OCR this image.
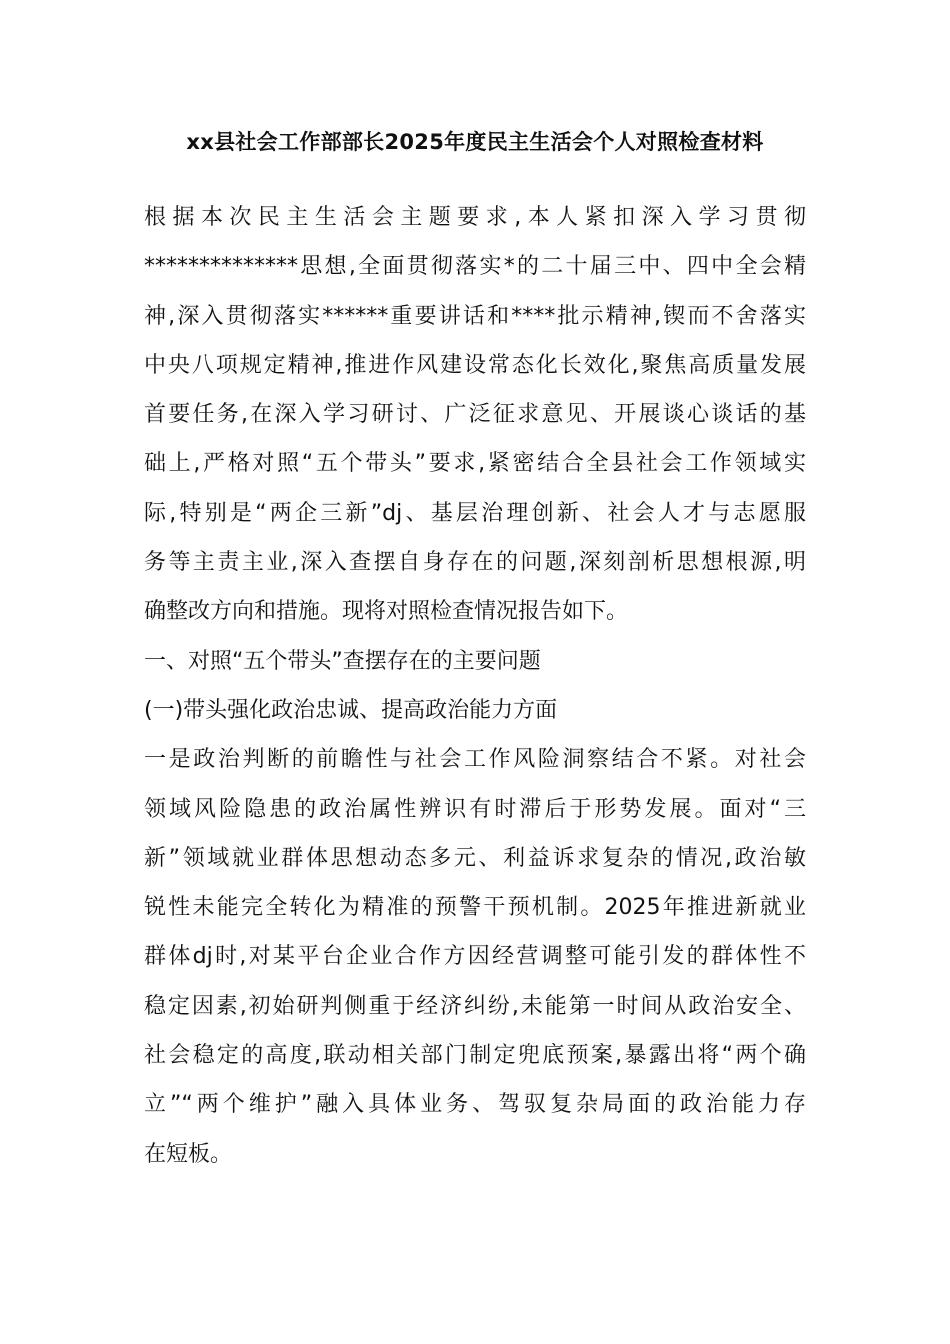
xx县社会工作部部长2025年度民主生活会个人对照检查材料
根据本次民主生活会主题要求,本人紧扣深入学习贯彻
**************思想,全面贯彻落实*的二十届三中、四中全会精
神,深入贯彻落实******重要讲话和****批示精神,锲而不舍落实
中央八项规定精神,推进作风建设常态化长效化,聚焦高质量发展
首要任务,在深入学习研讨、广泛征求意见、开展谈心谈话的基
础上,严格对照“五个带头”要求,紧密结合全县社会工作领域实
际,特别是“两企三新”dj、基层治理创新、社会人才与志愿服
务等主责主业,深入查摆自身存在的问题,深刻剖析思想根源,明
确整改方向和措施。现将对照检查情况报告如下。
一、对照“五个带头”查摆存在的主要问题
(一)带头强化政治忠诚、提高政治能力方面
一是政治判断的前瞻性与社会工作风险洞察结合不紧。对社会
领域风险隐患的政治属性辨识有时滞后于形势发展。面对“三
新”领域就业群体思想动态多元、利益诉求复杂的情况,政治敏
锐性未能完全转化为精准的预警干预机制。2025年推进新就业
群体dj时,对某平台企业合作方因经营调整可能引发的群体性不
稳定因素,初始研判侧重于经济纠纷,未能第一时间从政治安全、
社会稳定的高度,联动相关部门制定兜底预案,暴露出将“两个确
立”“两个维护”融入具体业务、驾驭复杂局面的政治能力存
在短板。
